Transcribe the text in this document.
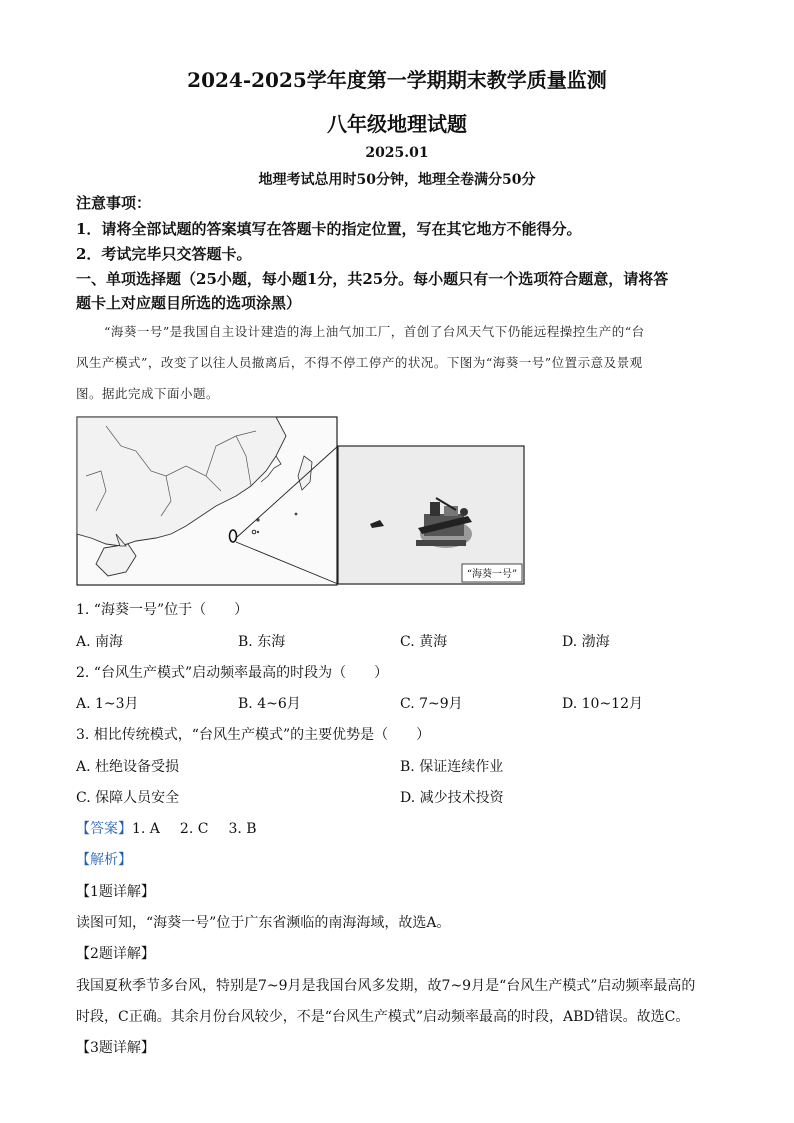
2024-2025学年度第一学期期末教学质量监测
八年级地理试题
2025.01
地理考试总用时50分钟，地理全卷满分50分
注意事项：
1．请将全部试题的答案填写在答题卡的指定位置，写在其它地方不能得分。
2．考试完毕只交答题卡。
一、单项选择题（25小题，每小题1分，共25分。每小题只有一个选项符合题意，请将答
题卡上对应题目所选的选项涂黑）
“海葵一号”是我国自主设计建造的海上油气加工厂，首创了台风天气下仍能远程操控生产的“台
风生产模式”，改变了以往人员撤离后，不得不停工停产的状况。下图为“海葵一号”位置示意及景观
图。据此完成下面小题。
“海葵一号”
1. “海葵一号”位于（　　）
A. 南海	B. 东海	C. 黄海	D. 渤海
2. “台风生产模式”启动频率最高的时段为（　　）
A. 1~3月	B. 4~6月	C. 7~9月	D. 10~12月
3. 相比传统模式，“台风生产模式”的主要优势是（　　）
A. 杜绝设备受损	B. 保证连续作业
C. 保障人员安全	D. 减少技术投资
【答案】1. A 2. C 3. B
【解析】
【1题详解】
读图可知，“海葵一号”位于广东省濒临的南海海域，故选A。
【2题详解】
我国夏秋季节多台风，特别是7~9月是我国台风多发期，故7~9月是“台风生产模式”启动频率最高的
时段，C正确。其余月份台风较少，不是“台风生产模式”启动频率最高的时段，ABD错误。故选C。
【3题详解】
